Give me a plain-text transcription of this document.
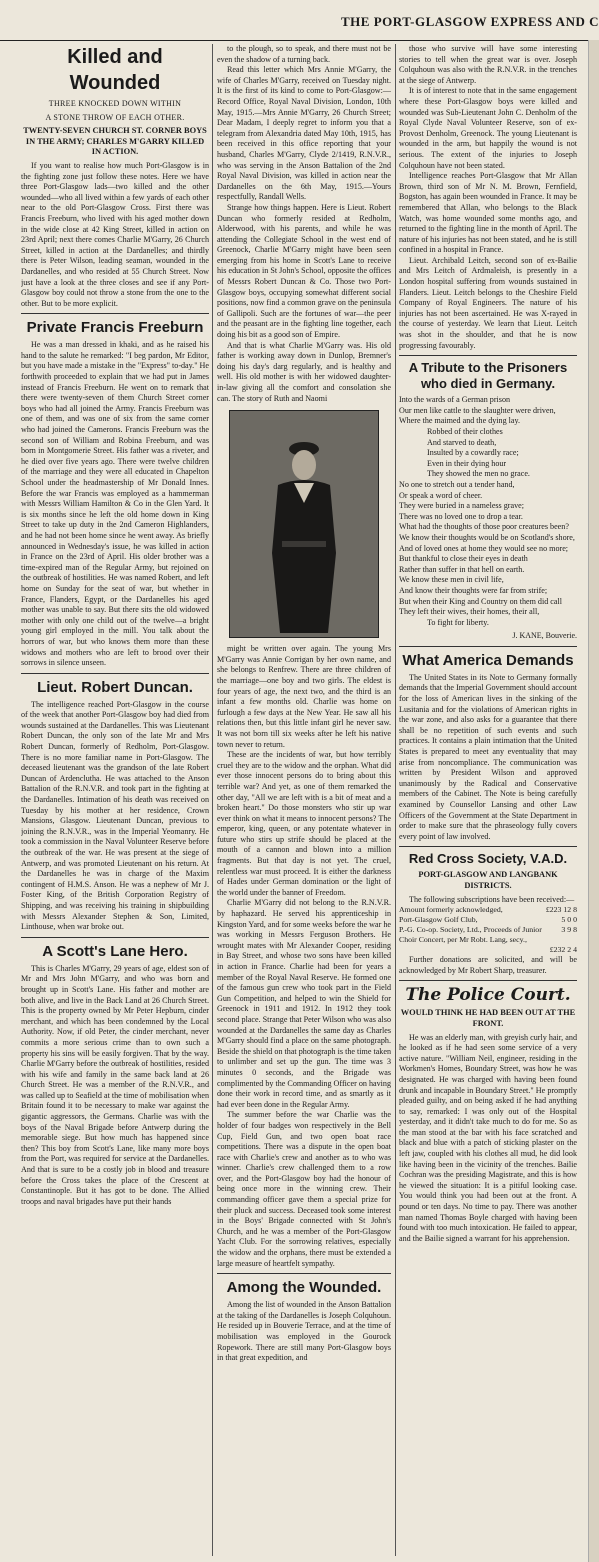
THE PORT-GLASGOW EXPRESS AND C
Killed and Wounded
THREE KNOCKED DOWN WITHIN
A STONE THROW OF EACH OTHER.
TWENTY-SEVEN CHURCH ST. CORNER BOYS IN THE ARMY; CHARLES M'GARRY KILLED IN ACTION.

If you want to realise how much Port-Glasgow is in the fighting zone just follow these notes. Here we have three Port-Glasgow lads—two killed and the other wounded—who all lived within a few yards of each other near to the old Port-Glasgow Cross. First there was Francis Freeburn, who lived with his aged mother down in the wide close at 42 King Street, killed in action on 23rd April; next there comes Charlie M'Garry, 26 Church Street, killed in action at the Dardanelles; and thirdly there is Peter Wilson, leading seaman, wounded in the Dardanelles, and who resided at 55 Church Street. Now just have a look at the three closes and see if any Port-Glasgow boy could not throw a stone from the one to the other. But to be more explicit.

Private Francis Freeburn

He was a man dressed in khaki, and as he raised his hand to the salute he remarked: "I beg pardon, Mr Editor, but you have made a mistake in the "Express" to-day." He forthwith proceeded to explain that we had put in James instead of Francis Freeburn. He went on to remark that there were twenty-seven of them Church Street corner boys who had all joined the Army. Francis Freeburn was one of them, and was one of six from the same corner who had joined the Camerons. Francis Freeburn was the second son of William and Robina Freeburn, and was born in Montgomerie Street. His father was a riveter, and he died over five years ago. There were twelve children of the marriage and they were all educated in Chapelton School under the headmastership of Mr Donald Innes. Before the war Francis was employed as a hammerman with Messrs William Hamilton & Co in the Glen Yard. It is six months since he left the old home down in King Street to take up duty in the 2nd Cameron Highlanders, and he had not been home since he went away. As briefly announced in Wednesday's issue, he was killed in action in France on the 23rd of April. His older brother was a time-expired man of the Regular Army, but rejoined on the outbreak of hostilities. He was named Robert, and left home on Sunday for the seat of war, but whether in France, Flanders, Egypt, or the Dardanelles his aged mother was unable to say. But there sits the old widowed mother with only one child out of the twelve—a bright young girl employed in the mill. You talk about the horrors of war, but who knows them more than these widows and mothers who are left to brood over their sorrows in silence unseen.

Lieut. Robert Duncan.

The intelligence reached Port-Glasgow in the course of the week that another Port-Glasgow boy had died from wounds sustained at the Dardanelles. This was Lieutenant Robert Duncan, the only son of the late Mr and Mrs Robert Duncan, formerly of Redholm, Port-Glasgow. There is no more familiar name in Port-Glasgow. The deceased lieutenant was the grandson of the late Robert Duncan of Ardenclutha. He was attached to the Anson Battalion of the R.N.V.R. and took part in the fighting at the Dardanelles. Intimation of his death was received on Tuesday by his mother at her residence, Crown Mansions, Glasgow. Lieutenant Duncan, previous to joining the R.N.V.R., was in the Imperial Yeomanry. He took a commission in the Naval Volunteer Reserve before the outbreak of the war. He was present at the siege of Antwerp, and was promoted Lieutenant on his return. At the Dardanelles he was in charge of the Maxim contingent of H.M.S. Anson. He was a nephew of Mr J. Foster King, of the British Corporation Registry of Shipping, and was receiving his training in shipbuilding with Messrs Alexander Stephen & Son, Limited, Linthouse, when war broke out.

A Scott's Lane Hero.

This is Charles M'Garry, 29 years of age, eldest son of Mr and Mrs John M'Garry, and who was born and brought up in Scott's Lane. His father and mother are both alive, and live in the Back Land at 26 Church Street. This is the property owned by Mr Peter Hepburn, cinder merchant, and which has been condemned by the Local Authority. Now, if old Peter, the cinder merchant, never commits a more serious crime than to own such a property his sins will be easily forgiven. That by the way. Charlie M'Garry before the outbreak of hostilities, resided with his wife and family in the same back land at 26 Church Street. He was a member of the R.N.V.R., and was called up to Seafield at the time of mobilisation when Britain found it to be necessary to make war against the gigantic aggressors, the Germans. Charlie was with the boys of the Naval Brigade before Antwerp during the memorable siege. But how much has happened since then? This boy from Scott's Lane, like many more boys from the Port, was required for service at the Dardanelles. And that is sure to be a costly job in blood and treasure before the Cross takes the place of the Crescent at Constantinople. But it has got to be done. The Allied troops and naval brigades have put their hands

to the plough, so to speak, and there must not be even the shadow of a turning back.

Read this letter which Mrs Annie M'Garry, the wife of Charles M'Garry, received on Tuesday night. It is the first of its kind to come to Port-Glasgow:—Record Office, Royal Naval Division, London, 10th May, 1915.—Mrs Annie M'Garry, 26 Church Street; Dear Madam, I deeply regret to inform you that a telegram from Alexandria dated May 10th, 1915, has been received in this office reporting that your husband, Charles M'Garry, Clyde 2/1419, R.N.V.R., who was serving in the Anson Battalion of the 2nd Royal Naval Division, was killed in action near the Dardanelles on the 6th May, 1915.—Yours respectfully, Randall Wells.

Strange how things happen. Here is Lieut. Robert Duncan who formerly resided at Redholm, Alderwood, with his parents, and while he was attending the Collegiate School in the west end of Greenock, Charlie M'Garry might have been seen emerging from his home in Scott's Lane to receive his education in St John's School, opposite the offices of Messrs Robert Duncan & Co. Those two Port-Glasgow boys, occupying somewhat different social positions, now find a common grave on the peninsula of Gallipoli. Such are the fortunes of war—the peer and the peasant are in the fighting line together, each doing his bit as a good son of Empire.

And that is what Charlie M'Garry was. His old father is working away down in Dunlop, Bremner's doing his day's darg regularly, and is healthy and well. His old mother is with her widowed daughter-in-law giving all the comfort and consolation she can. The story of Ruth and Naomi

might be written over again. The young Mrs M'Garry was Annie Corrigan by her own name, and she belongs to Renfrew. There are three children of the marriage—one boy and two girls. The eldest is four years of age, the next two, and the third is an infant a few months old. Charlie was home on furlough a few days at the New Year. He saw all his relations then, but this little infant girl he never saw. It was not born till six weeks after he left his native town never to return.

These are the incidents of war, but how terribly cruel they are to the widow and the orphan. What did ever those innocent persons do to bring about this terrible war? And yet, as one of them remarked the other day, "All we are left with is a bit of meat and a broken heart." Do those monsters who stir up war ever think on what it means to innocent persons? The emperor, king, queen, or any potentate whatever in future who stirs up strife should be placed at the mouth of a cannon and blown into a million fragments. But that day is not yet. The cruel, relentless war must proceed. It is either the darkness of Hades under German domination or the light of the world under the banner of Freedom.

Charlie M'Garry did not belong to the R.N.V.R. by haphazard. He served his apprenticeship in Kingston Yard, and for some weeks before the war he was working in Messrs Ferguson Brothers. He wrought mates with Mr Alexander Cooper, residing in Bay Street, and whose two sons have been killed in action in France. Charlie had been for years a member of the Royal Naval Reserve. He formed one of the famous gun crew who took part in the Field Gun Competition, and helped to win the Shield for Greenock in 1911 and 1912. In 1912 they took second place. Strange that Peter Wilson who was also wounded at the Dardanelles the same day as Charles M'Garry should find a place on the same photograph. Beside the shield on that photograph is the time taken to unlimber and set up the gun. The time was 3 minutes 0 seconds, and the Brigade was complimented by the Commanding Officer on having done their work in record time, and as smartly as it had ever been done in the Regular Army.

The summer before the war Charlie was the holder of four badges won respectively in the Bell Cup, Field Gun, and two open boat race competitions. There was a dispute in the open boat race with Charlie's crew and another as to who was winner. Charlie's crew challenged them to a row over, and the Port-Glasgow boy had the honour of being once more in the winning crew. Their commanding officer gave them a special prize for their pluck and success. Deceased took some interest in the Boys' Brigade connected with St John's Church, and he was a member of the Port-Glasgow Yacht Club. For the sorrowing relatives, especially the widow and the orphans, there must be extended a large measure of heartfelt sympathy.

Among the Wounded.

Among the list of wounded in the Anson Battalion at the taking of the Dardanelles is Joseph Colquhoun. He resided up in Bouverie Terrace, and at the time of mobilisation was employed in the Gourock Ropework. There are still many Port-Glasgow boys in that great expedition, and

those who survive will have some interesting stories to tell when the great war is over. Joseph Colquhoun was also with the R.N.V.R. in the trenches at the siege of Antwerp.

It is of interest to note that in the same engagement where these Port-Glasgow boys were killed and wounded was Sub-Lieutenant John C. Denholm of the Royal Clyde Naval Volunteer Reserve, son of ex-Provost Denholm, Greenock. The young Lieutenant is wounded in the arm, but happily the wound is not serious. The extent of the injuries to Joseph Colquhoun have not been stated.

Intelligence reaches Port-Glasgow that Mr Allan Brown, third son of Mr N. M. Brown, Fernfield, Bogston, has again been wounded in France. It may be remembered that Allan, who belongs to the Black Watch, was home wounded some months ago, and returned to the fighting line in the month of April. The nature of his injuries has not been stated, and he is still confined in a hospital in France.

Lieut. Archibald Leitch, second son of ex-Bailie and Mrs Leitch of Ardmaleish, is presently in a London hospital suffering from wounds sustained in Flanders. Lieut. Leitch belongs to the Cheshire Field Company of Royal Engineers. The nature of his injuries has not been ascertained. He was X-rayed in the course of yesterday. We learn that Lieut. Leitch was shot in the shoulder, and that he is now progressing favourably.

A Tribute to the Prisoners who died in Germany.
Into the wards of a German prison
Our men like cattle to the slaughter were driven,
Where the maimed and the dying lay.
Robbed of their clothes
And starved to death,
Insulted by a cowardly race;
Even in their dying hour
They showed the men no grace.
No one to stretch out a tender hand,
Or speak a word of cheer.
They were buried in a nameless grave;
There was no loved one to drop a tear.
What had the thoughts of those poor creatures been?
We know their thoughts would be on Scotland's shore,
And of loved ones at home they would see no more;
But thankful to close their eyes in death
Rather than suffer in that hell on earth.
We know these men in civil life,
And know their thoughts were far from strife;
But when their King and Country on them did call
They left their wives, their homes, their all,
To fight for liberty.
J. KANE, Bouverie.
What America Demands

The United States in its Note to Germany formally demands that the Imperial Government should account for the loss of American lives in the sinking of the Lusitania and for the violations of American rights in the war zone, and also asks for a guarantee that there shall be no repetition of such events and such practices. It contains a plain intimation that the United States is prepared to meet any eventuality that may arise from noncompliance. The communication was written by President Wilson and approved unanimously by the Radical and Conservative members of the Cabinet. The Note is being carefully examined by Counsellor Lansing and other Law Officers of the Government at the State Department in order to make sure that the phraseology fully covers every point of law involved.

Red Cross Society, V.A.D.
PORT-GLASGOW AND LANGBANK DISTRICTS.

The following subscriptions have been received:—

Amount formerly acknowledged,	£223 12 8
Port-Glasgow Golf Club,	5 0 0
P.-G. Co-op. Society, Ltd., Proceeds of Junior Choir Concert, per Mr Robt. Lang, secy.,	3 9 8
	£232 2 4

Further donations are solicited, and will be acknowledged by Mr Robert Sharp, treasurer.

The Police Court.
WOULD THINK HE HAD BEEN OUT AT THE FRONT.

He was an elderly man, with greyish curly hair, and he looked as if he had seen some service of a very active nature. "William Neil, engineer, residing in the Workmen's Homes, Boundary Street, was how he was designated. He was charged with having been found drunk and incapable in Boundary Street." He promptly pleaded guilty, and on being asked if he had anything to say, remarked: I was only out of the Hospital yesterday, and it didn't take much to do for me. So as the man stood at the bar with his face scratched and black and blue with a patch of sticking plaster on the left jaw, coupled with his clothes all mud, he did look like having been in the vicinity of the trenches. Bailie Cochran was the presiding Magistrate, and this is how he viewed the situation: It is a pitiful looking case. You would think you had been out at the front. A pound or ten days. No time to pay. There was another man named Thomas Boyle charged with having been found with too much intoxication. He failed to appear, and the Bailie signed a warrant for his apprehension.
